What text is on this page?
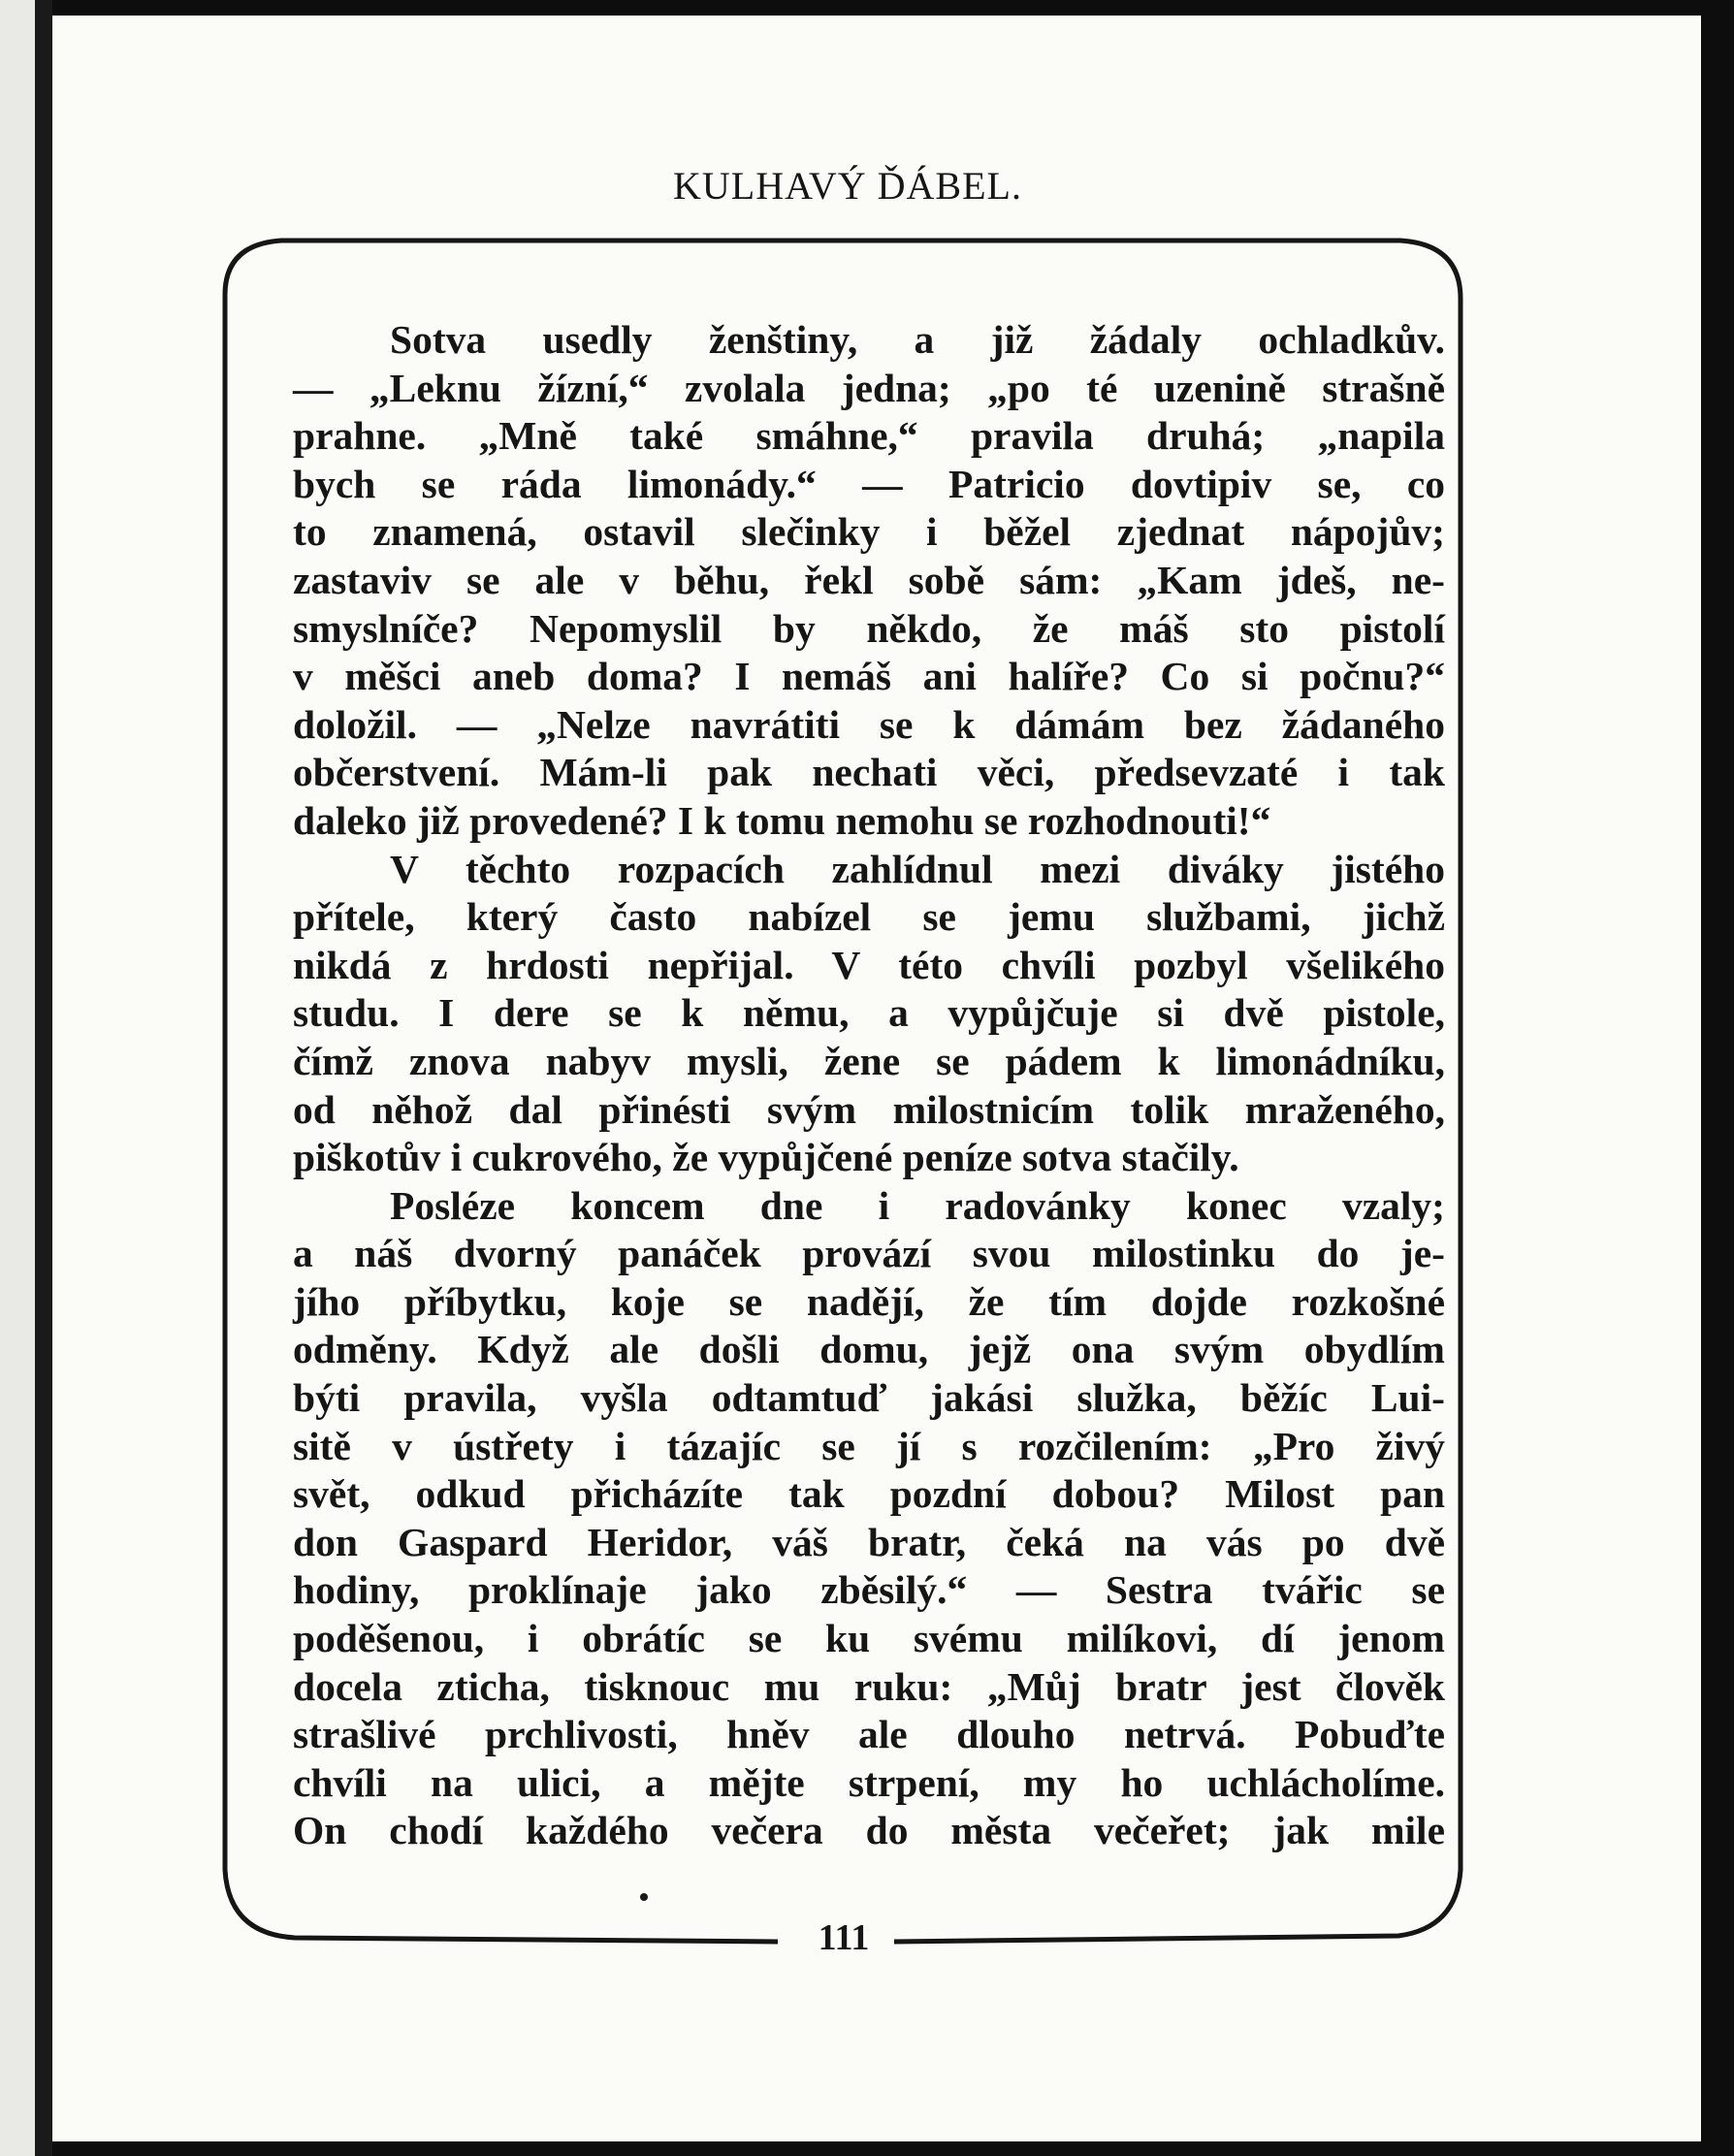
KULHAVÝ ĎÁBEL.
Sotva usedly ženštiny, a již žádaly ochladkův.
— „Leknu žízní,“ zvolala jedna; „po té uzenině strašně
prahne. „Mně také smáhne,“ pravila druhá; „napila
bych se ráda limonády.“ — Patricio dovtipiv se, co
to znamená, ostavil slečinky i běžel zjednat nápojův;
zastaviv se ale v běhu, řekl sobě sám: „Kam jdeš, ne-
smyslníče? Nepomyslil by někdo, že máš sto pistolí
v měšci aneb doma? I nemáš ani halíře? Co si počnu?“
doložil. — „Nelze navrátiti se k dámám bez žádaného
občerstvení. Mám-li pak nechati věci, předsevzaté i tak
daleko již provedené? I k tomu nemohu se rozhodnouti!“
V těchto rozpacích zahlídnul mezi diváky jistého
přítele, který často nabízel se jemu službami, jichž
nikdá z hrdosti nepřijal. V této chvíli pozbyl všelikého
studu. I dere se k němu, a vypůjčuje si dvě pistole,
čímž znova nabyv mysli, žene se pádem k limonádníku,
od něhož dal přinésti svým milostnicím tolik mraženého,
piškotův i cukrového, že vypůjčené peníze sotva stačily.
Posléze koncem dne i radovánky konec vzaly;
a náš dvorný panáček provází svou milostinku do je-
jího příbytku, koje se nadějí, že tím dojde rozkošné
odměny. Když ale došli domu, jejž ona svým obydlím
býti pravila, vyšla odtamtuď jakási služka, běžíc Lui-
sitě v ústřety i tázajíc se jí s rozčilením: „Pro živý
svět, odkud přicházíte tak pozdní dobou? Milost pan
don Gaspard Heridor, váš bratr, čeká na vás po dvě
hodiny, proklínaje jako zběsilý.“ — Sestra tvářic se
poděšenou, i obrátíc se ku svému milíkovi, dí jenom
docela zticha, tisknouc mu ruku: „Můj bratr jest člověk
strašlivé prchlivosti, hněv ale dlouho netrvá. Pobuďte
chvíli na ulici, a mějte strpení, my ho uchlácholíme.
On chodí každého večera do města večeřet; jak mile
111
